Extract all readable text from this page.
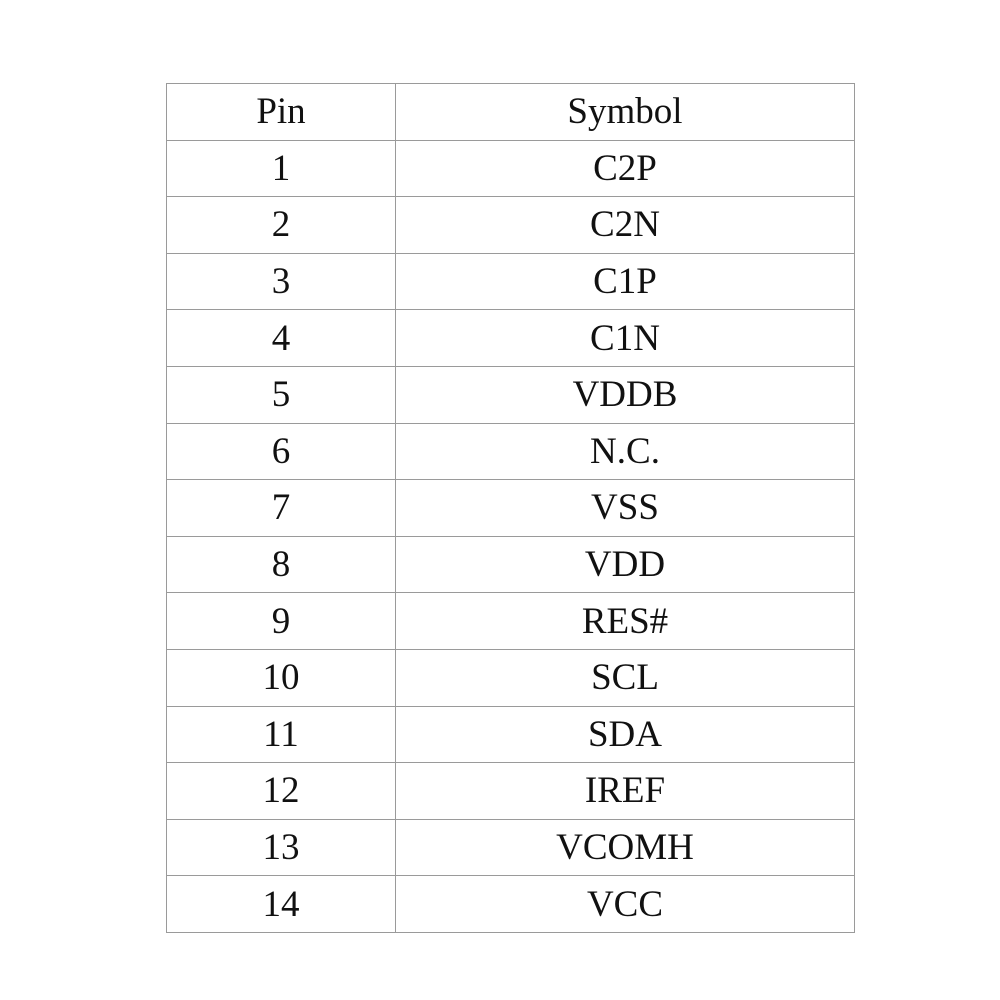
Pin	Symbol
1	C2P
2	C2N
3	C1P
4	C1N
5	VDDB
6	N.C.
7	VSS
8	VDD
9	RES#
10	SCL
11	SDA
12	IREF
13	VCOMH
14	VCC
